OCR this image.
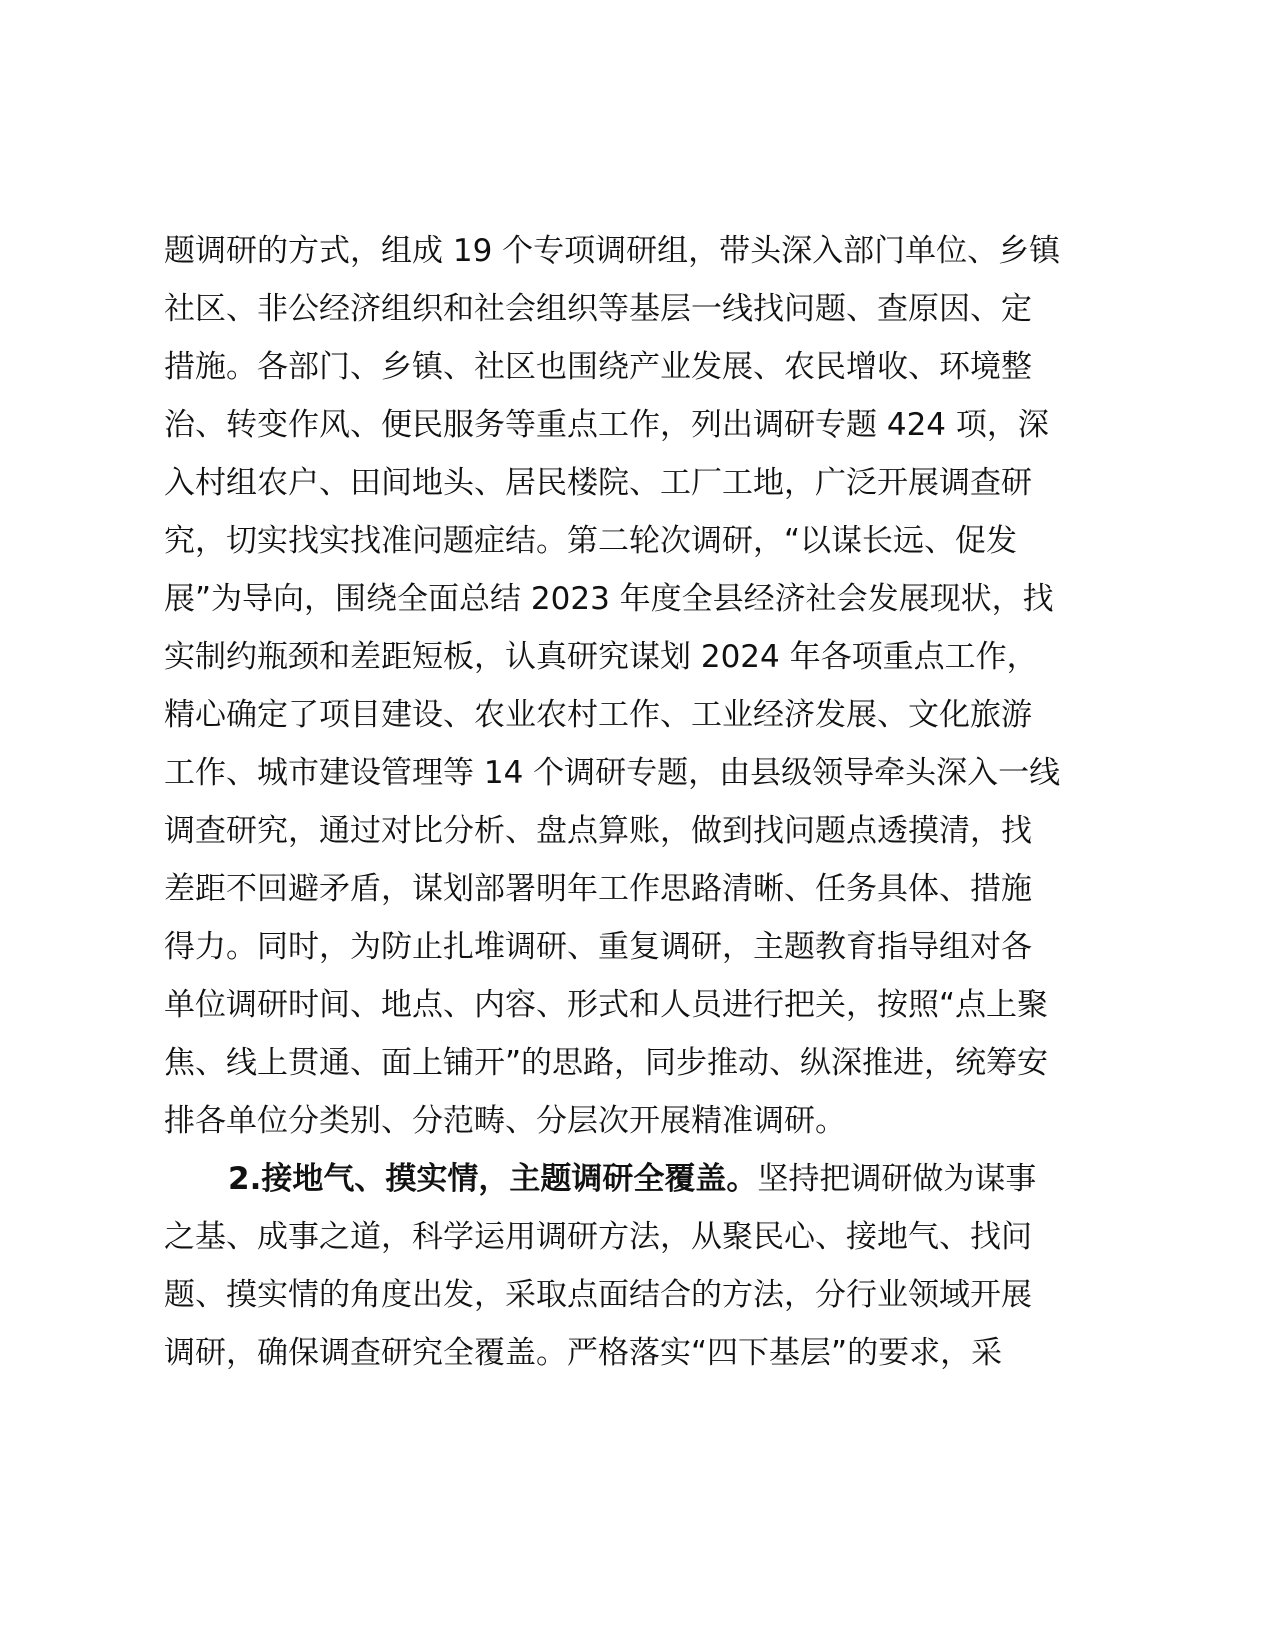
题调研的方式，组成 19 个专项调研组，带头深入部门单位、乡镇
社区、非公经济组织和社会组织等基层一线找问题、查原因、定
措施。各部门、乡镇、社区也围绕产业发展、农民增收、环境整
治、转变作风、便民服务等重点工作，列出调研专题 424 项，深
入村组农户、田间地头、居民楼院、工厂工地，广泛开展调查研
究，切实找实找准问题症结。第二轮次调研，“以谋长远、促发
展”为导向，围绕全面总结 2023 年度全县经济社会发展现状，找
实制约瓶颈和差距短板，认真研究谋划 2024 年各项重点工作，
精心确定了项目建设、农业农村工作、工业经济发展、文化旅游
工作、城市建设管理等 14 个调研专题，由县级领导牵头深入一线
调查研究，通过对比分析、盘点算账，做到找问题点透摸清，找
差距不回避矛盾，谋划部署明年工作思路清晰、任务具体、措施
得力。同时，为防止扎堆调研、重复调研，主题教育指导组对各
单位调研时间、地点、内容、形式和人员进行把关，按照“点上聚
焦、线上贯通、面上铺开”的思路，同步推动、纵深推进，统筹安
排各单位分类别、分范畴、分层次开展精准调研。
2.接地气、摸实情，主题调研全覆盖。坚持把调研做为谋事
之基、成事之道，科学运用调研方法，从聚民心、接地气、找问
题、摸实情的角度出发，采取点面结合的方法，分行业领域开展
调研，确保调查研究全覆盖。严格落实“四下基层”的要求，采
